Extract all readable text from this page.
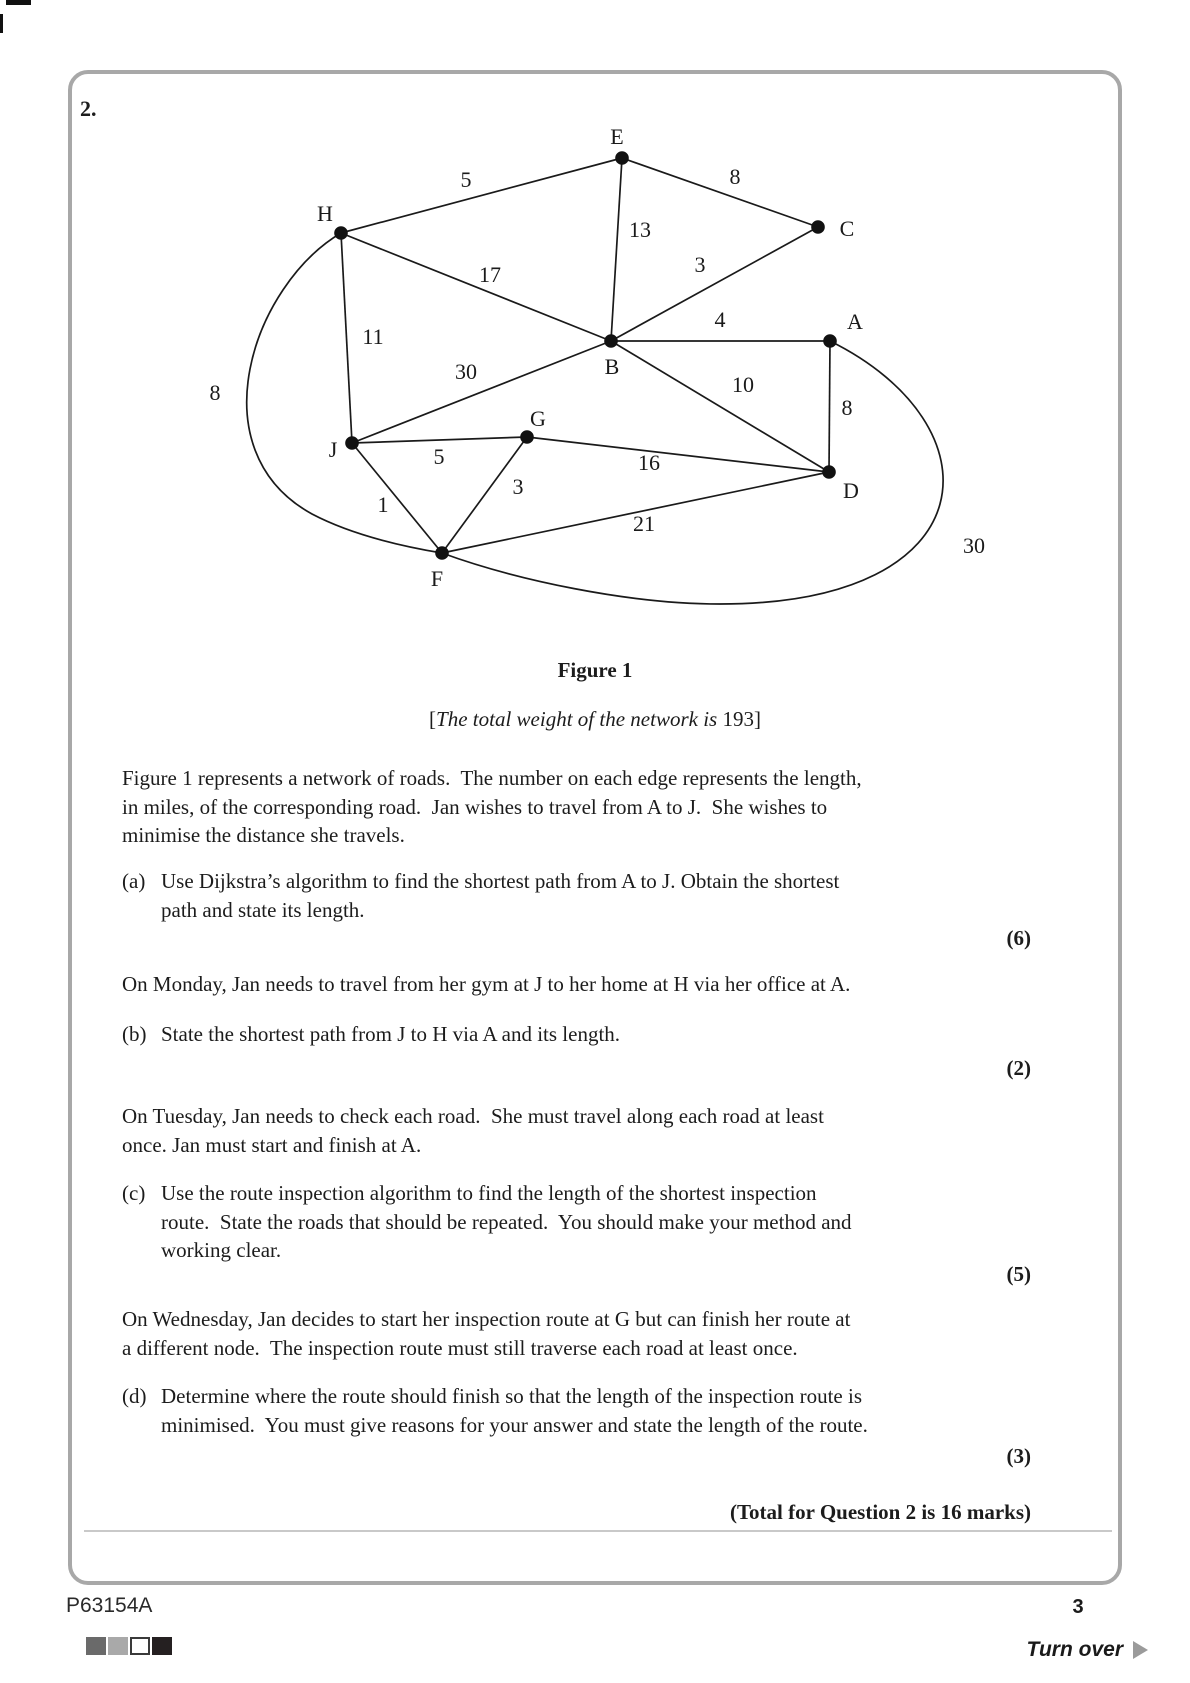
2.
5	8
13
3
17
4
11
30
10
8
5	16
3
1
21
8
30
E
C
H
B
A
J
G
D
F
Figure 1
[The total weight of the network is 193]
Figure 1 represents a network of roads.  The number on each edge represents the length,
in miles, of the corresponding road.  Jan wishes to travel from A to J.  She wishes to
minimise the distance she travels.
(a) Use Dijkstra’s algorithm to find the shortest path from A to J. Obtain the shortest
path and state its length.
(6)
On Monday, Jan needs to travel from her gym at J to her home at H via her office at A.
(b) State the shortest path from J to H via A and its length.
(2)
On Tuesday, Jan needs to check each road.  She must travel along each road at least
once. Jan must start and finish at A.
(c) Use the route inspection algorithm to find the length of the shortest inspection
route.  State the roads that should be repeated.  You should make your method and
working clear.
(5)
On Wednesday, Jan decides to start her inspection route at G but can finish her route at
a different node.  The inspection route must still traverse each road at least once.
(d) Determine where the route should finish so that the length of the inspection route is
minimised.  You must give reasons for your answer and state the length of the route.
(3)
(Total for Question 2 is 16 marks)
P63154A	3
Turn over
